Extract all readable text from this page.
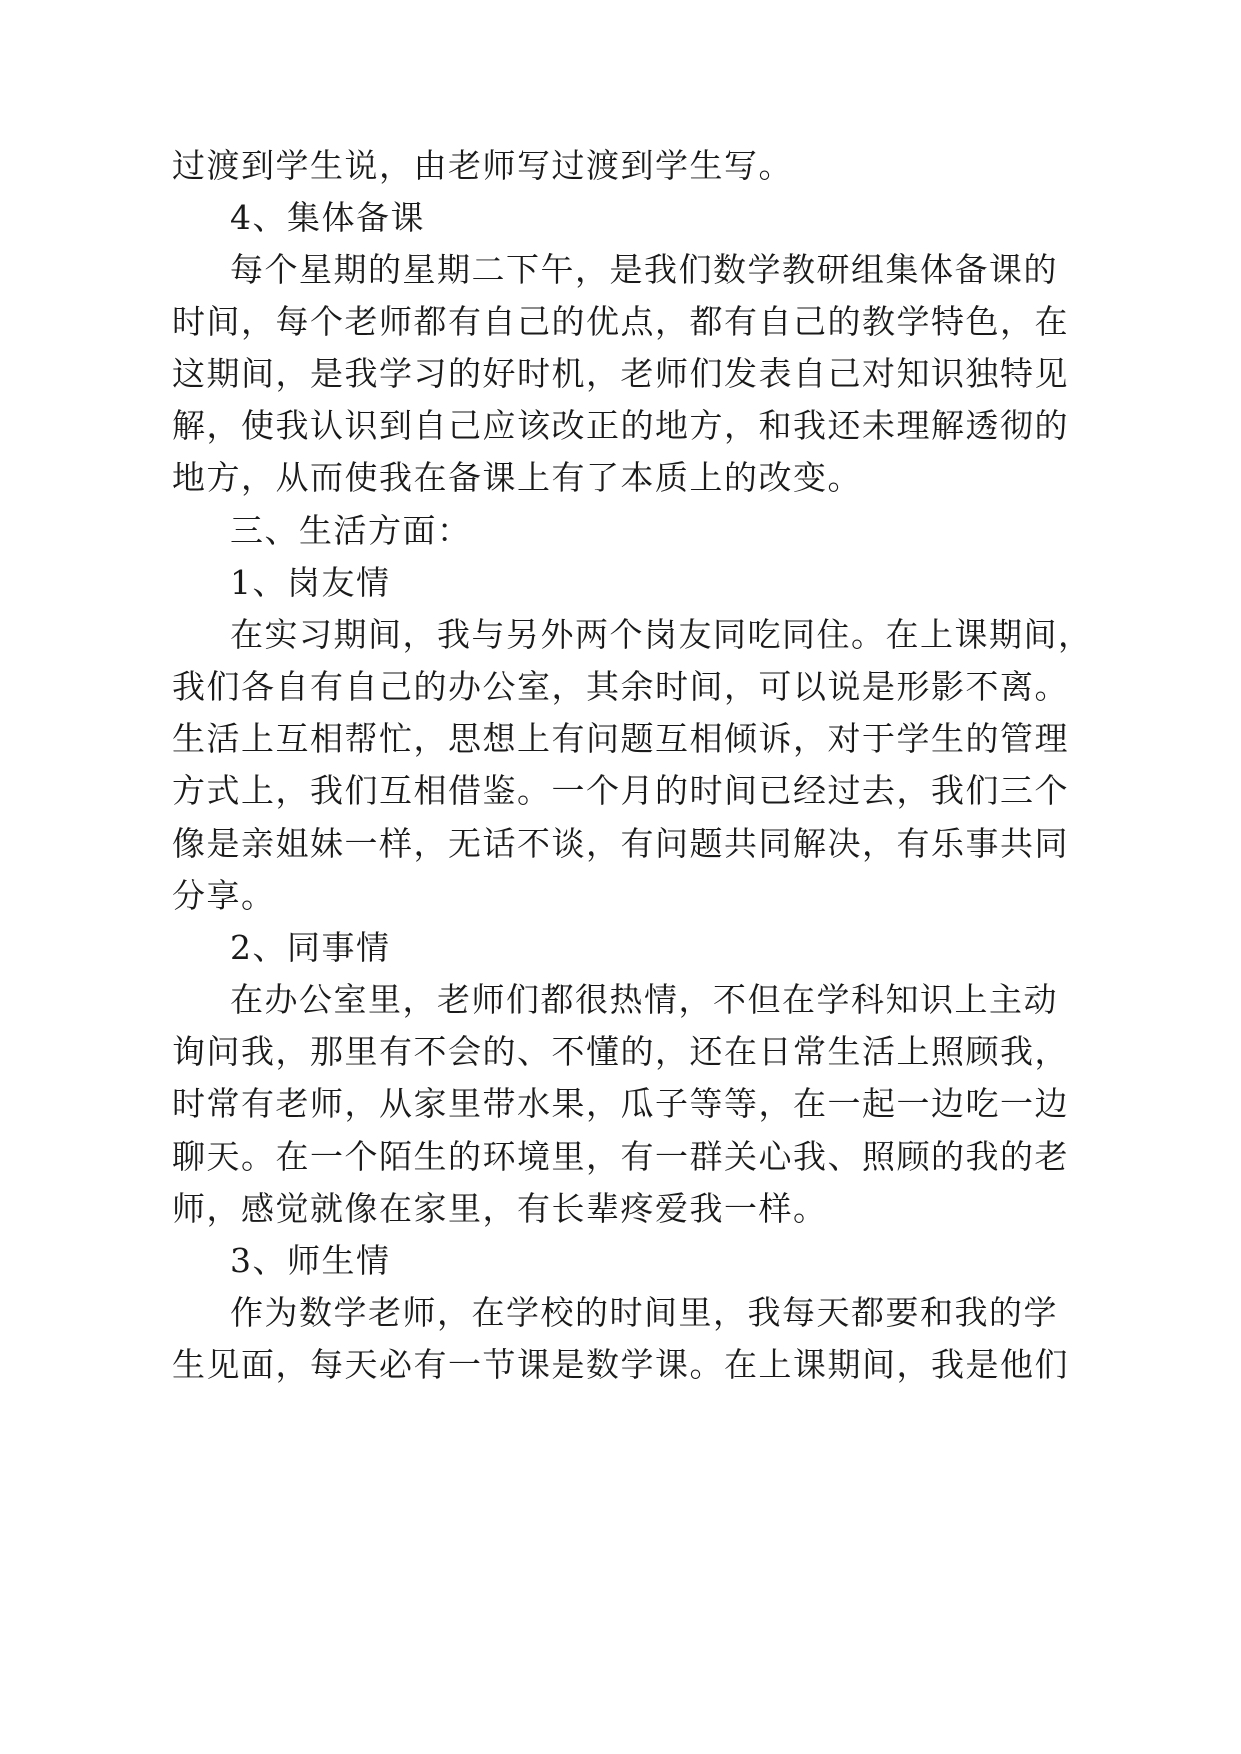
过渡到学生说，由老师写过渡到学生写。

4、集体备课

每个星期的星期二下午，是我们数学教研组集体备课的

时间，每个老师都有自己的优点，都有自己的教学特色，在

这期间，是我学习的好时机，老师们发表自己对知识独特见

解，使我认识到自己应该改正的地方，和我还未理解透彻的

地方，从而使我在备课上有了本质上的改变。

三、生活方面：

1、岗友情

在实习期间，我与另外两个岗友同吃同住。在上课期间，

我们各自有自己的办公室，其余时间，可以说是形影不离。

生活上互相帮忙，思想上有问题互相倾诉，对于学生的管理

方式上，我们互相借鉴。一个月的时间已经过去，我们三个

像是亲姐妹一样，无话不谈，有问题共同解决，有乐事共同

分享。

2、同事情

在办公室里，老师们都很热情，不但在学科知识上主动

询问我，那里有不会的、不懂的，还在日常生活上照顾我，

时常有老师，从家里带水果，瓜子等等，在一起一边吃一边

聊天。在一个陌生的环境里，有一群关心我、照顾的我的老

师，感觉就像在家里，有长辈疼爱我一样。

3、师生情

作为数学老师，在学校的时间里，我每天都要和我的学

生见面，每天必有一节课是数学课。在上课期间，我是他们
